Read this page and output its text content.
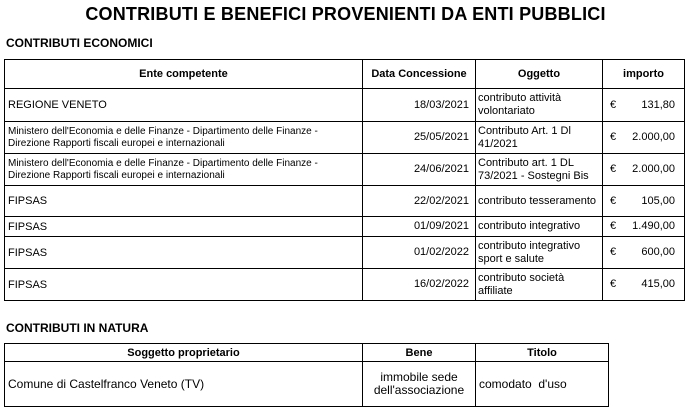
CONTRIBUTI E BENEFICI PROVENIENTI DA ENTI PUBBLICI
CONTRIBUTI ECONOMICI
Ente competente	Data Concessione	Oggetto	importo
REGIONE VENETO	18/03/2021	contributo attività volontariato	€ 131,80

Ministero dell'Economia e delle Finanze - Dipartimento delle Finanze - Direzione Rapporti fiscali europei e internazionali	25/05/2021	Contributo Art. 1 Dl 41/2021	€ 2.000,00

Ministero dell'Economia e delle Finanze - Dipartimento delle Finanze - Direzione Rapporti fiscali europei e internazionali	24/06/2021	Contributo art. 1 DL 73/2021 - Sostegni Bis	€ 2.000,00

FIPSAS	22/02/2021	contributo tesseramento	€ 105,00

FIPSAS	01/09/2021	contributo integrativo	€ 1.490,00

FIPSAS	01/02/2022	contributo integrativo sport e salute	€ 600,00

FIPSAS	16/02/2022	contributo società affiliate	€ 415,00
CONTRIBUTI IN NATURA
Soggetto proprietario	Bene	Titolo
Comune di Castelfranco Veneto (TV)	immobile sede dell'associazione	comodato  d'uso
